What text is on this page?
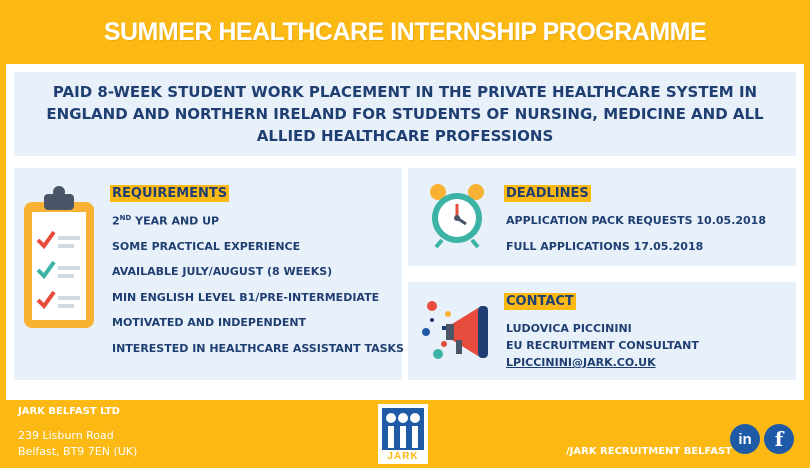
SUMMER HEALTHCARE INTERNSHIP PROGRAMME

PAID 8-WEEK STUDENT WORK PLACEMENT IN THE PRIVATE HEALTHCARE SYSTEM IN ENGLAND AND NORTHERN IRELAND FOR STUDENTS OF NURSING, MEDICINE AND ALL ALLIED HEALTHCARE PROFESSIONS

REQUIREMENTS
2ND YEAR AND UP
SOME PRACTICAL EXPERIENCE
AVAILABLE JULY/AUGUST (8 WEEKS)
MIN ENGLISH LEVEL B1/PRE-INTERMEDIATE
MOTIVATED AND INDEPENDENT
INTERESTED IN HEALTHCARE ASSISTANT TASKS
DEADLINES
APPLICATION PACK REQUESTS 10.05.2018
FULL APPLICATIONS 17.05.2018
CONTACT
LUDOVICA PICCININI
EU RECRUITMENT CONSULTANT
LPICCININI@JARK.CO.UK
JARK BELFAST LTD
239 Lisburn Road
Belfast, BT9 7EN (UK)	JARK	/JARK RECRUITMENT BELFAST
in	f
